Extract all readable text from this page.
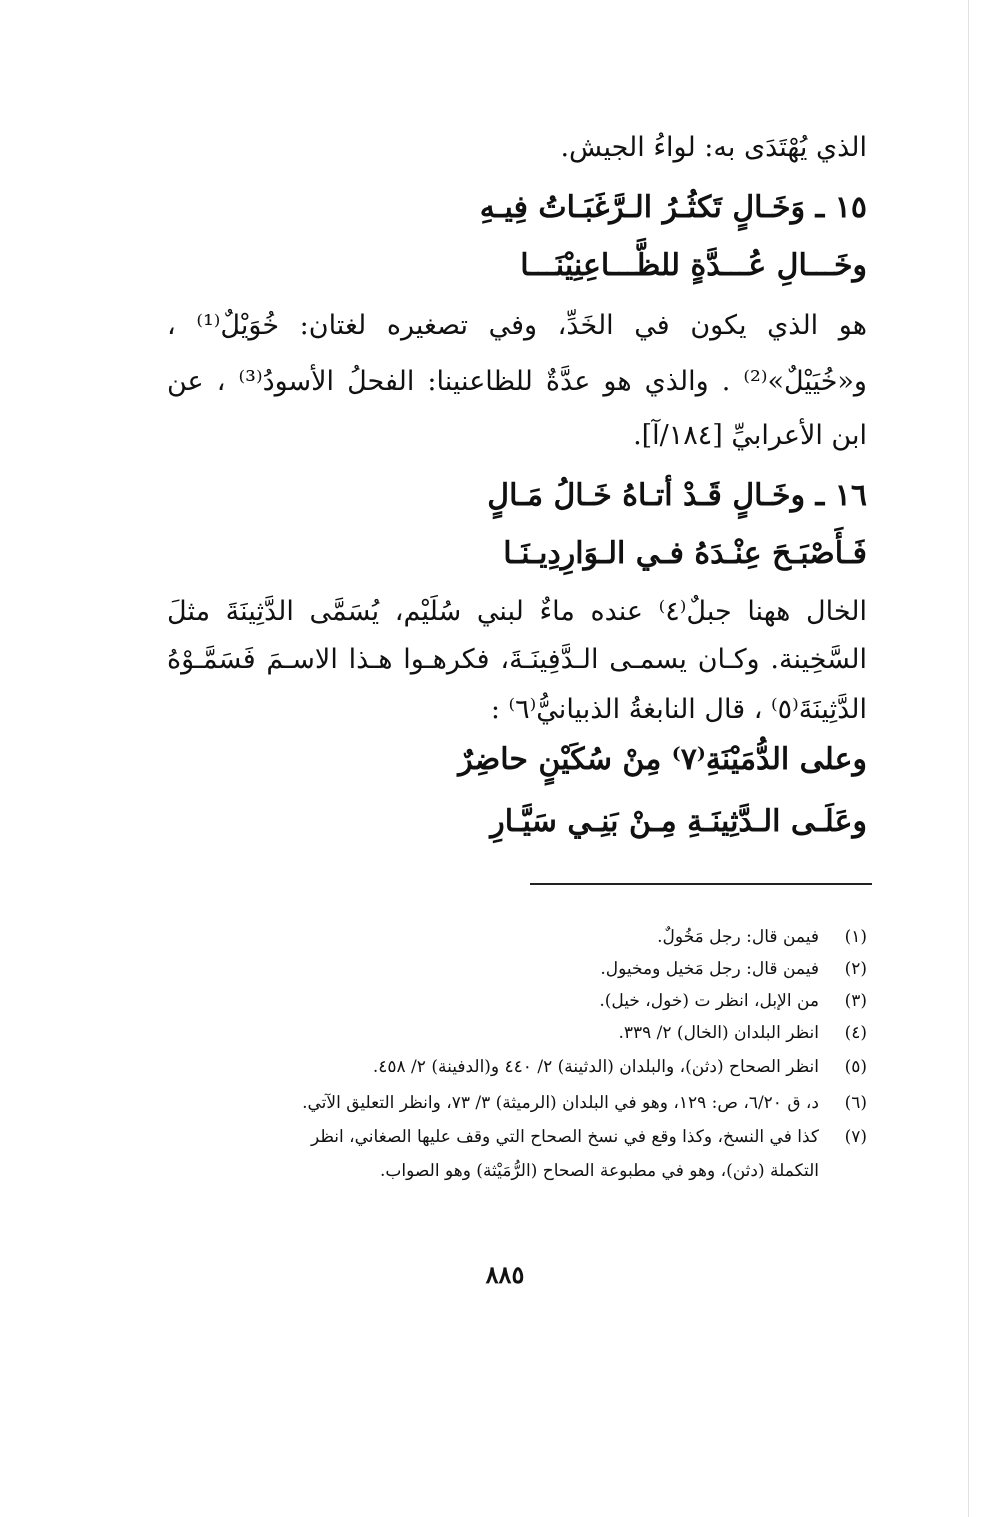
الذي يُهْتَدَى به: لواءُ الجيش.
١٥ ـ وَخَـالٍ تَكثُـرُ الـرَّغَبَـاتُ فِيـهِ
وخَـــالِ عُـــدَّةٍ للظَّـــاعِنِيْنَـــا
هو الذي يكون في الخَدِّ، وفي تصغيره لغتان: خُوَيْلٌ⁽¹⁾ ،
و«خُيَيْلٌ»⁽²⁾ . والذي هو عدَّةٌ للظاعنينا: الفحلُ الأسودُ⁽³⁾ ، عن
ابن الأعرابيِّ [١٨٤/آ].
١٦ ـ وخَـالٍ قَـدْ أتـاهُ خَـالُ مَـالٍ
فَـأَصْبَـحَ عِنْـدَهُ فـي الـوَارِدِيـنَـا
الخال ههنا جبلٌ⁽٤⁾ عنده ماءٌ لبني سُلَيْم، يُسَمَّى الدَّثِينَةَ مثلَ
السَّخِينة. وكـان يسمـى الـدَّفِينَـةَ، فكرهـوا هـذا الاسـمَ فَسَمَّـوْهُ
الدَّثِينَةَ⁽٥⁾ ، قال النابغةُ الذبيانيُّ⁽٦⁾ :
وعلى الدُّمَيْنَةِ⁽٧⁾ مِنْ سُكَيْنٍ حاضِرٌ
وعَلَـى الـدَّثِينَـةِ مِـنْ بَنِـي سَيَّـارِ
(١)فيمن قال: رجل مَخُولٌ.
(٢)فيمن قال: رجل مَخيل ومخيول.
(٣)من الإبل، انظر ت (خول، خيل).
(٤)انظر البلدان (الخال) ٢/ ٣٣٩.
(٥)انظر الصحاح (دثن)، والبلدان (الدثينة) ٢/ ٤٤٠ و(الدفينة) ٢/ ٤٥٨.
(٦)د، ق ٦/٢٠، ص: ١٢٩، وهو في البلدان (الرميثة) ٣/ ٧٣، وانظر التعليق الآتي.
(٧)كذا في النسخ، وكذا وقع في نسخ الصحاح التي وقف عليها الصغاني، انظر
التكملة (دثن)، وهو في مطبوعة الصحاح (الرُّمَيْثة) وهو الصواب.
٨٨٥
